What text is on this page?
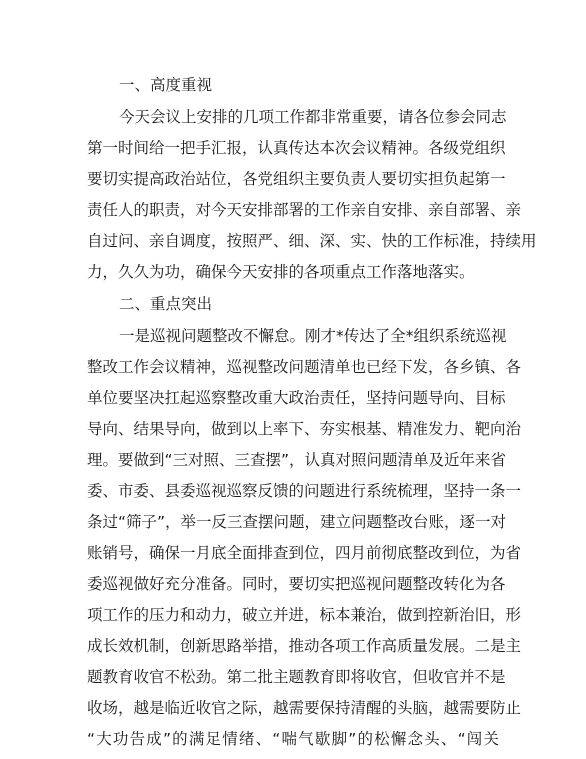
一、高度重视
今天会议上安排的几项工作都非常重要，请各位参会同志
第一时间给一把手汇报，认真传达本次会议精神。各级党组织
要切实提高政治站位，各党组织主要负责人要切实担负起第一
责任人的职责，对今天安排部署的工作亲自安排、亲自部署、亲
自过问、亲自调度，按照严、细、深、实、快的工作标准，持续用
力，久久为功，确保今天安排的各项重点工作落地落实。
二、重点突出
一是巡视问题整改不懈怠。刚才*传达了全*组织系统巡视
整改工作会议精神，巡视整改问题清单也已经下发，各乡镇、各
单位要坚决扛起巡察整改重大政治责任，坚持问题导向、目标
导向、结果导向，做到以上率下、夯实根基、精准发力、靶向治
理。要做到“三对照、三查摆”，认真对照问题清单及近年来省
委、市委、县委巡视巡察反馈的问题进行系统梳理，坚持一条一
条过“筛子”，举一反三查摆问题，建立问题整改台账，逐一对
账销号，确保一月底全面排查到位，四月前彻底整改到位，为省
委巡视做好充分准备。同时，要切实把巡视问题整改转化为各
项工作的压力和动力，破立并进，标本兼治，做到控新治旧，形
成长效机制，创新思路举措，推动各项工作高质量发展。二是主
题教育收官不松劲。第二批主题教育即将收官，但收官并不是
收场，越是临近收官之际，越需要保持清醒的头脑，越需要防止
“大功告成”的满足情绪、“喘气歇脚”的松懈念头、“闯关
